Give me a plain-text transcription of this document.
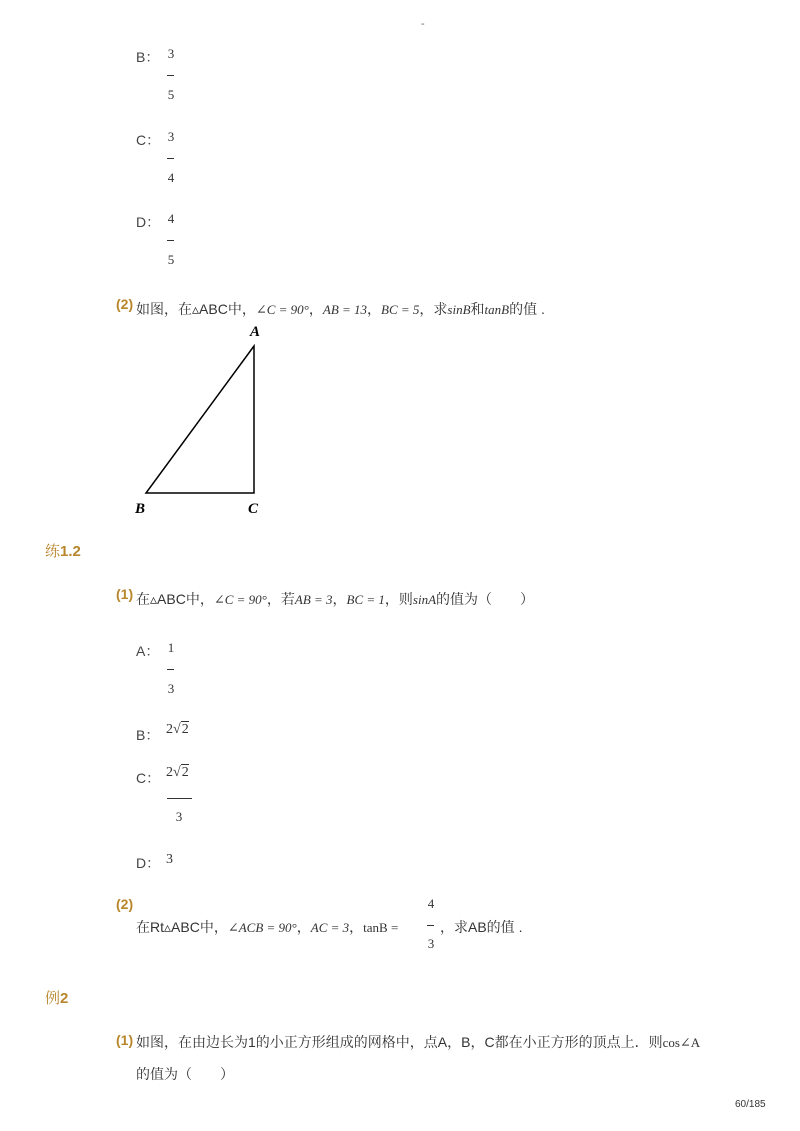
-
B： 3
5
C： 3
4
D： 4
5
(2) 如图，在▵ABC中，∠C = 90°，AB = 13，BC = 5，求sinB和tanB的值 .
A
B	C
练1.2
(1) 在▵ABC中，∠C = 90°，若AB = 3，BC = 1，则sinA的值为（　　）
A： 1
3
B： 2√2
C： 2√2
3
D： 3
(2)
在Rt▵ABC中，∠ACB = 90°，AC = 3，tanB =
4
3
，求AB的值 .
例2
(1) 如图，在由边长为1的小正方形组成的网格中，点A，B，C都在小正方形的顶点上．则cos∠A
的值为（　　）
60/185
